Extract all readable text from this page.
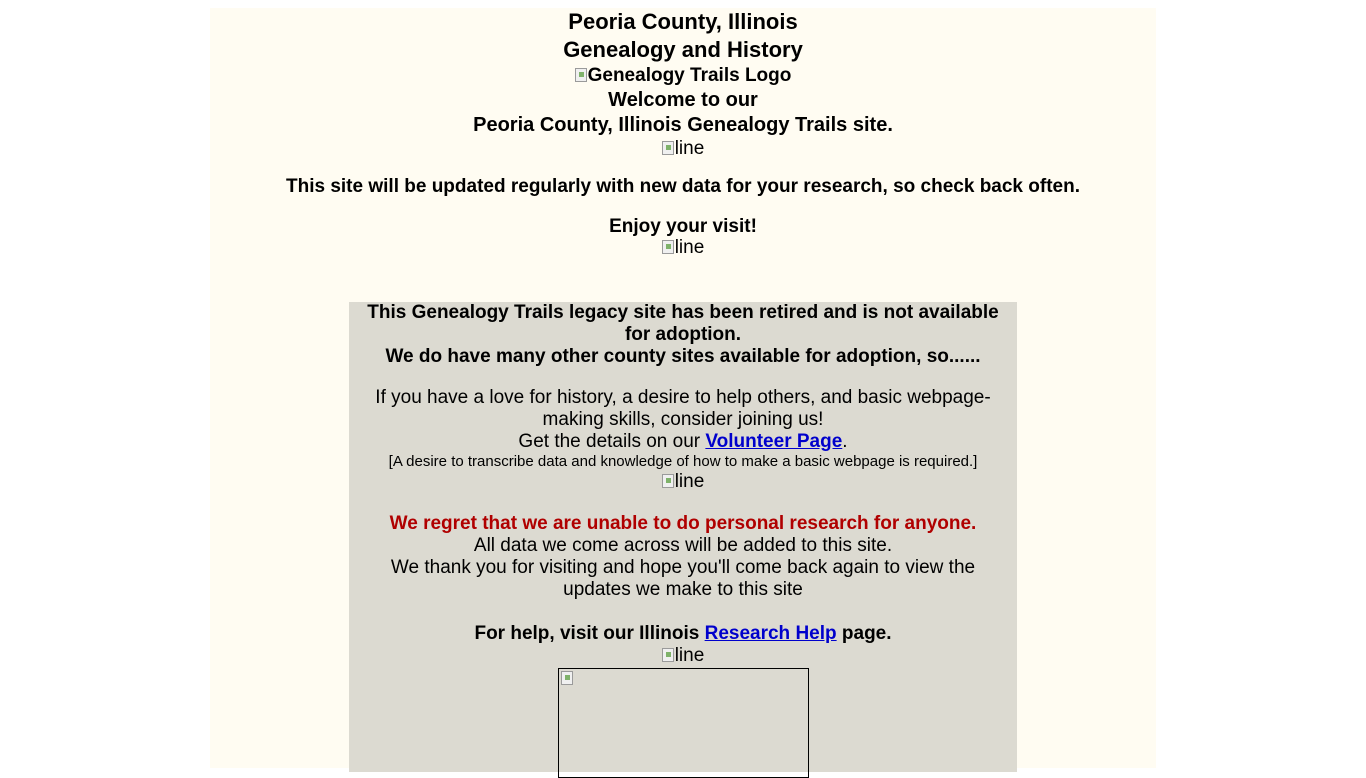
Peoria County, Illinois
Genealogy and History
Genealogy Trails Logo
Welcome to our
Peoria County, Illinois Genealogy Trails site.
line
This site will be updated regularly with new data for your research, so check back often.
Enjoy your visit!
line
This Genealogy Trails legacy site has been retired and is not available for adoption.
We do have many other county sites available for adoption, so......
If you have a love for history, a desire to help others, and basic webpage-making skills, consider joining us!
Get the details on our Volunteer Page.
[A desire to transcribe data and knowledge of how to make a basic webpage is required.]
line
We regret that we are unable to do personal research for anyone.
All data we come across will be added to this site.
We thank you for visiting and hope you'll come back again to view the updates we make to this site
For help, visit our Illinois Research Help page.
line
